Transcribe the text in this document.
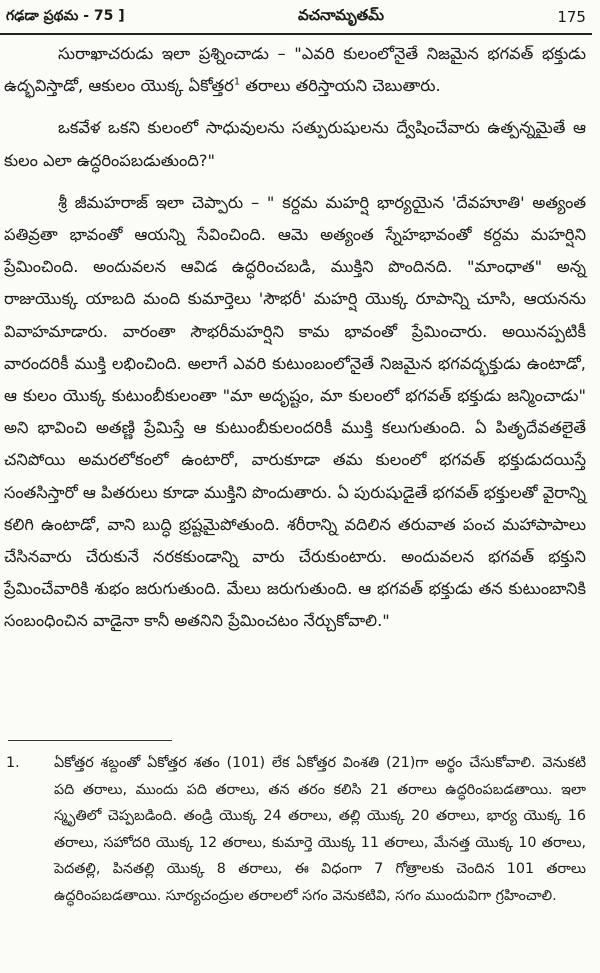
గఢడా ప్రథమ - 75 ]	వచనామృతమ్	175

సురాఖాచరుడు ఇలా ప్రశ్నించాడు – "ఎవరి కులంలోనైతే నిజమైన భగవత్ భక్తుడు ఉద్భవిస్తాడో, ఆకులం యొక్క ఏకోత్తర$^1$ తరాలు తరిస్తాయని చెబుతారు.

ఒకవేళ ఒకని కులంలో సాధువులను సత్పురుషులను ద్వేషించేవారు ఉత్పన్నమైతే ఆ కులం ఎలా ఉద్ధరింపబడుతుంది?"

శ్రీ జీమహరాజ్ ఇలా చెప్పారు – " కర్దమ మహర్షి భార్యయైన 'దేవహూతి' అత్యంత పతివ్రతా భావంతో ఆయన్ని సేవించింది. ఆమె అత్యంత స్నేహభావంతో కర్దమ మహర్షిని ప్రేమించింది. అందువలన ఆవిడ ఉద్ధరించబడి, ముక్తిని పొందినది. "మాంధాత" అన్న రాజుయొక్క యాబది మంది కుమార్తెలు 'సౌభరీ' మహర్షి యొక్క రూపాన్ని చూసి, ఆయనను వివాహమాడారు. వారంతా సౌభరీమహర్షిని కామ భావంతో ప్రేమించారు. అయినప్పటికీ వారందరికీ ముక్తి లభించింది. అలాగే ఎవరి కుటుంబంలోనైతే నిజమైన భగవద్భక్తుడు ఉంటాడో, ఆ కులం యొక్క కుటుంబీకులంతా "మా అదృష్టం, మా కులంలో భగవత్ భక్తుడు జన్మించాడు" అని భావించి అతణ్ణి ప్రేమిస్తే ఆ కుటుంబీకులందరికీ ముక్తి కలుగుతుంది. ఏ పితృదేవతలైతే చనిపోయి అమరలోకంలో ఉంటారో, వారుకూడా తమ కులంలో భగవత్ భక్తుడుదయిస్తే సంతసిస్తారో ఆ పితరులు కూడా ముక్తిని పొందుతారు. ఏ పురుషుడైతే భగవత్ భక్తులతో వైరాన్ని కలిగి ఉంటాడో, వాని బుద్ధి భ్రష్టమైపోతుంది. శరీరాన్ని వదిలిన తరువాత పంచ మహాపాపాలు చేసినవారు చేరుకునే నరకకుండాన్ని వారు చేరుకుంటారు. అందువలన భగవత్ భక్తుని ప్రేమించేవారికి శుభం జరుగుతుంది. మేలు జరుగుతుంది. ఆ భగవత్ భక్తుడు తన కుటుంబానికి సంబంధించిన వాడైనా కానీ అతనిని ప్రేమించటం నేర్చుకోవాలి."

1.	ఏకోత్తర శబ్దంతో ఏకోత్తర శతం (101) లేక ఏకోత్తర వింశతి (21)గా అర్థం చేసుకోవాలి. వెనుకటి పది తరాలు, ముందు పది తరాలు, తన తరం కలిసి 21 తరాలు ఉద్ధరింపబడతాయి. ఇలా స్మృతిలో చెప్పబడింది. తండ్రి యొక్క 24 తరాలు, తల్లి యొక్క 20 తరాలు, భార్య యొక్క 16 తరాలు, సహోదరి యొక్క 12 తరాలు, కుమార్తె యొక్క 11 తరాలు, మేనత్త యొక్క 10 తరాలు, పెదతల్లి, పినతల్లి యొక్క 8 తరాలు, ఈ విధంగా 7 గోత్రాలకు చెందిన 101 తరాలు ఉద్ధరింపబడతాయి. సూర్యచంద్రుల తరాలలో సగం వెనుకటివి, సగం ముందువిగా గ్రహించాలి.
